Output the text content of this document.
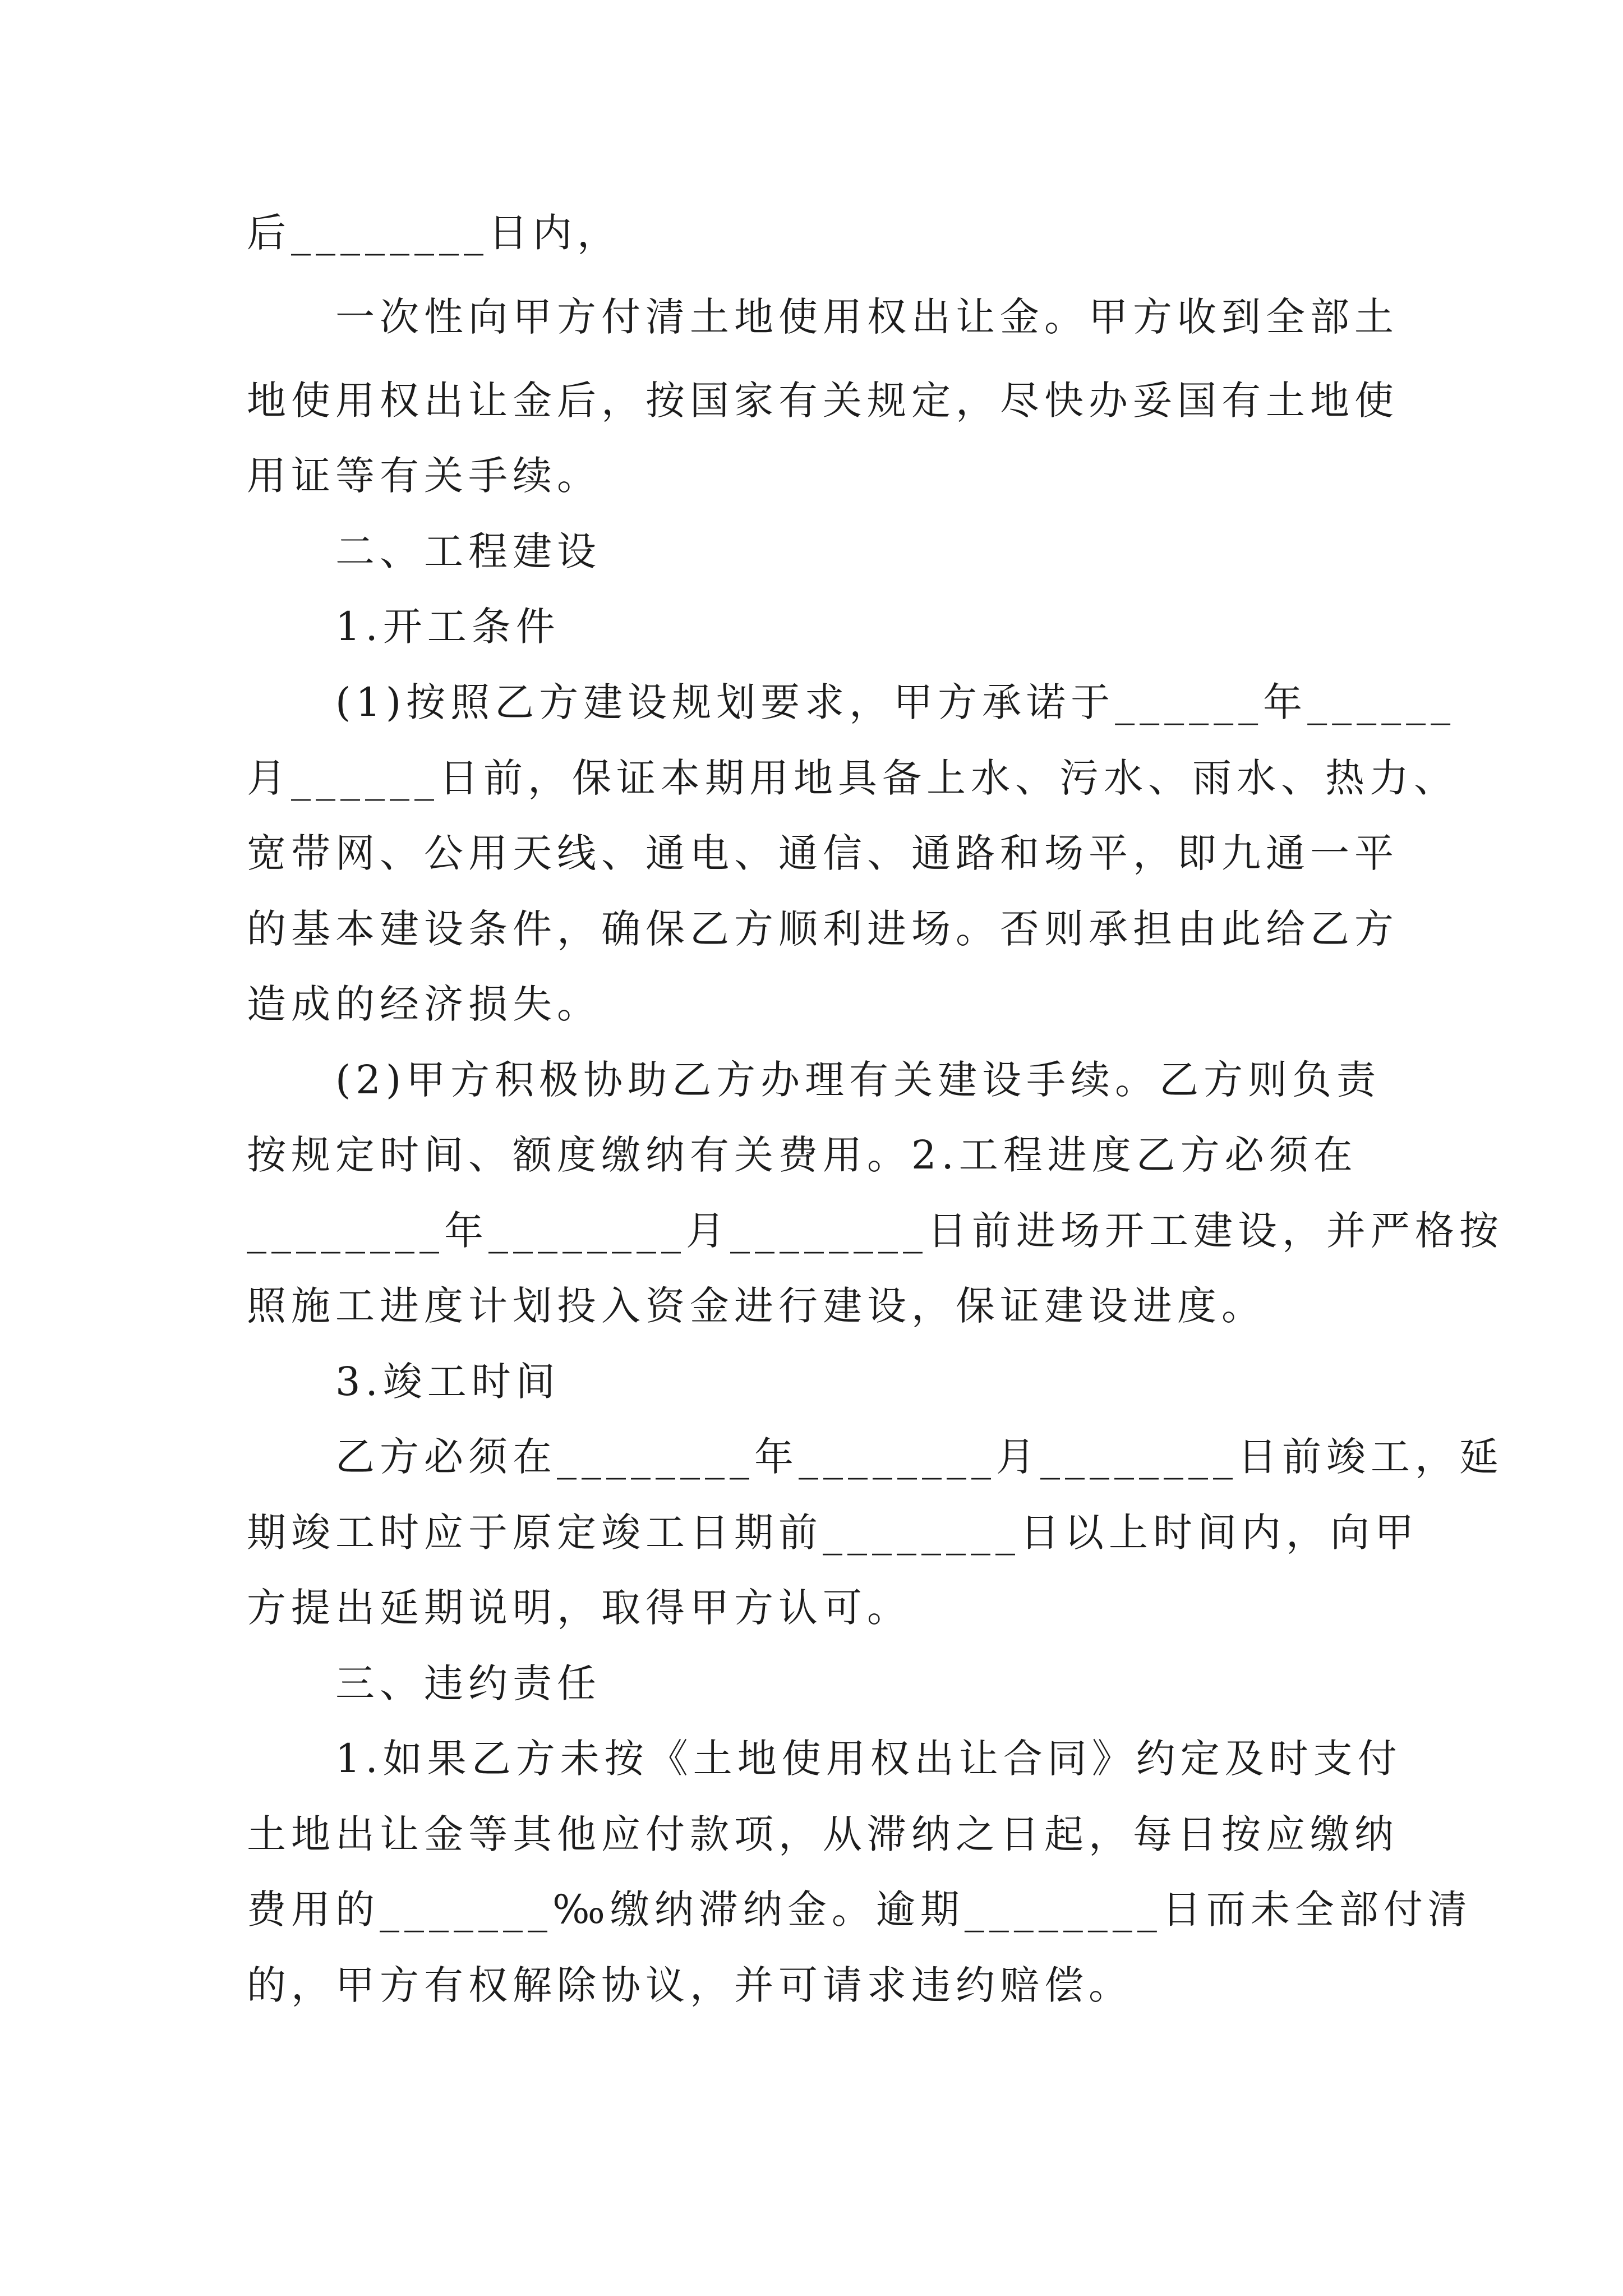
后________日内，
一次性向甲方付清土地使用权出让金。甲方收到全部土
地使用权出让金后，按国家有关规定，尽快办妥国有土地使
用证等有关手续。
二、工程建设
1.开工条件
(1)按照乙方建设规划要求，甲方承诺于______年______
月______日前，保证本期用地具备上水、污水、雨水、热力、
宽带网、公用天线、通电、通信、通路和场平，即九通一平
的基本建设条件，确保乙方顺利进场。否则承担由此给乙方
造成的经济损失。
(2)甲方积极协助乙方办理有关建设手续。乙方则负责
按规定时间、额度缴纳有关费用。2.工程进度乙方必须在
________年________月________日前进场开工建设，并严格按
照施工进度计划投入资金进行建设，保证建设进度。
3.竣工时间
乙方必须在________年________月________日前竣工，延
期竣工时应于原定竣工日期前________日以上时间内，向甲
方提出延期说明，取得甲方认可。
三、违约责任
1.如果乙方未按《土地使用权出让合同》约定及时支付
土地出让金等其他应付款项，从滞纳之日起，每日按应缴纳
费用的_______‰缴纳滞纳金。逾期________日而未全部付清
的，甲方有权解除协议，并可请求违约赔偿。
